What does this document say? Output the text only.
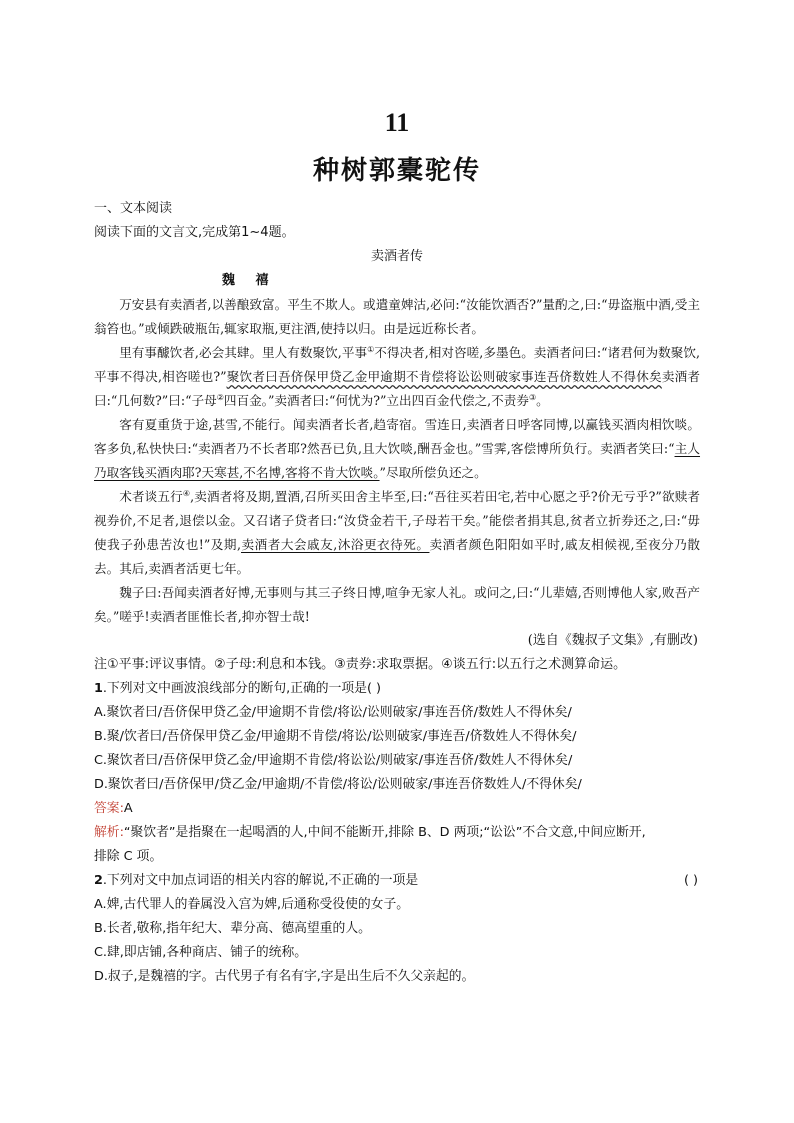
11
种树郭橐驼传
一、文本阅读
阅读下面的文言文,完成第1~4题。
卖酒者传
魏 禧

万安县有卖酒者,以善酿致富。平生不欺人。或遣童婢沽,必问:“汝能饮酒否?”量酌之,曰:“毋盗瓶中酒,受主翁笞也。”或倾跌破瓶缶,辄家取瓶,更注酒,使持以归。由是远近称长者。

里有事醵饮者,必会其肆。里人有数聚饮,平事①不得决者,相对咨嗟,多墨色。卖酒者问曰:“诸君何为数聚饮,平事不得决,相咨嗟也?”聚饮者曰吾侪保甲贷乙金甲逾期不肯偿将讼讼则破家事连吾侪数姓人不得休矣卖酒者曰:“几何数?”曰:“子母②四百金。”卖酒者曰:“何忧为?”立出四百金代偿之,不责券③。

客有夏重货于途,甚雪,不能行。闻卖酒者长者,趋寄宿。雪连日,卖酒者日呼客同博,以赢钱买酒肉相饮啖。客多负,私快快曰:“卖酒者乃不长者耶?然吾已负,且大饮啖,酬吾金也。”雪霁,客偿博所负行。卖酒者笑曰:“主人乃取客钱买酒肉耶?天寒甚,不名博,客将不肯大饮啖。”尽取所偿负还之。

术者谈五行④,卖酒者将及期,置酒,召所买田舍主毕至,曰:“吾往买若田宅,若中心愿之乎?价无亏乎?”欲赎者视券价,不足者,退偿以金。又召诸子贷者曰:“汝贷金若干,子母若干矣。”能偿者捐其息,贫者立折券还之,曰:“毋使我子孙患苦汝也!”及期,卖酒者大会戚友,沐浴更衣待死。卖酒者颜色阳阳如平时,戚友相候视,至夜分乃散去。其后,卖酒者活更七年。

魏子曰:吾闻卖酒者好博,无事则与其三子终日博,喧争无家人礼。或问之,曰:“儿辈嬉,否则博他人家,败吾产矣。”嗟乎!卖酒者匪惟长者,抑亦智士哉!

(选自《魏叔子文集》,有删改)
注①平事:评议事情。②子母:利息和本钱。③责券:求取票据。④谈五行:以五行之术测算命运。
1.下列对文中画波浪线部分的断句,正确的一项是( )
A.聚饮者曰/吾侪保甲贷乙金/甲逾期不肯偿/将讼/讼则破家/事连吾侪/数姓人不得休矣/
B.聚/饮者曰/吾侪保甲贷乙金/甲逾期不肯偿/将讼/讼则破家/事连吾/侪数姓人不得休矣/
C.聚饮者曰/吾侪保甲贷乙金/甲逾期不肯偿/将讼讼/则破家/事连吾侪/数姓人不得休矣/
D.聚饮者曰/吾侪保甲/贷乙金/甲逾期/不肯偿/将讼/讼则破家/事连吾侪数姓人/不得休矣/
答案:A
解析:“聚饮者”是指聚在一起喝酒的人,中间不能断开,排除 B、D 两项;“讼讼”不合文意,中间应断开,
排除 C 项。
2.下列对文中加点词语的相关内容的解说,不正确的一项是	( )
A.婢,古代罪人的眷属没入宫为婢,后通称受役使的女子。
B.长者,敬称,指年纪大、辈分高、德高望重的人。
C.肆,即店铺,各种商店、铺子的统称。
D.叔子,是魏禧的字。古代男子有名有字,字是出生后不久父亲起的。
